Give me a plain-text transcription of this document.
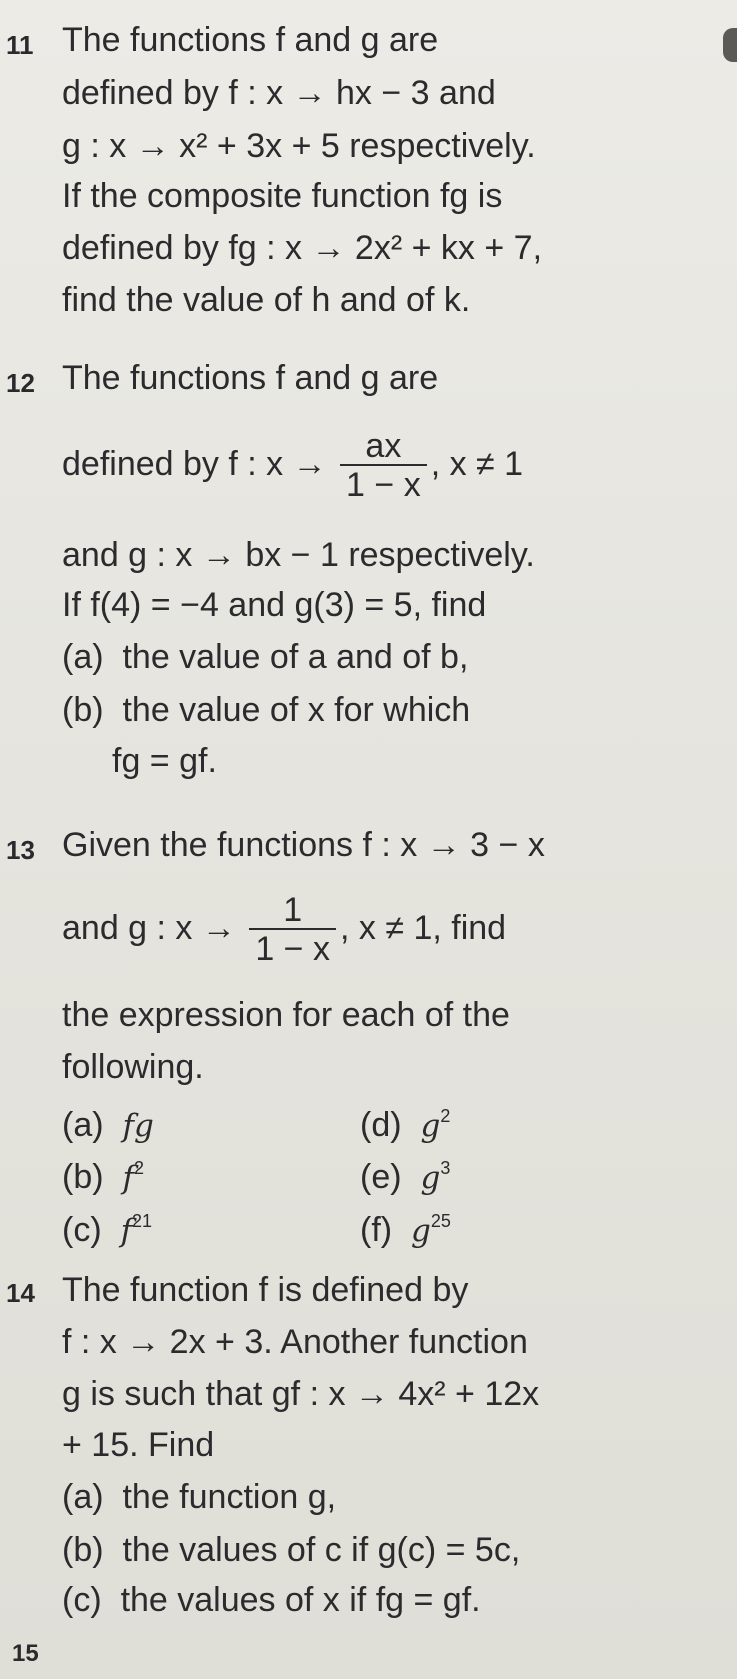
11 The functions f and g are
defined by f : x → hx − 3 and
g : x → x² + 3x + 5 respectively.
If the composite function fg is
defined by fg : x → 2x² + kx + 7,
find the value of h and of k.
12 The functions f and g are
defined by f : $x \to \frac{ax}{1 - x}$ , x ≠ 1
and g : x → bx − 1 respectively.
If f(4) = −4 and g(3) = 5, find
(a) the value of a and of b,
(b) the value of x for which
fg = gf.
13 Given the functions f : x → 3 − x
and g : $x \to \frac{1}{1 - x}$ , x ≠ 1, find
the expression for each of the
following.
(a) fg
(b) $f^2$
(c) $f^{21}$
(d) $g^2$
(e) $g^3$
(f) $g^{25}$
14 The function f is defined by
f : x → 2x + 3. Another function
g is such that gf : x → 4x² + 12x
+ 15. Find
(a) the function g,
(b) the values of c if g(c) = 5c,
(c) the values of x if fg = gf.
15
